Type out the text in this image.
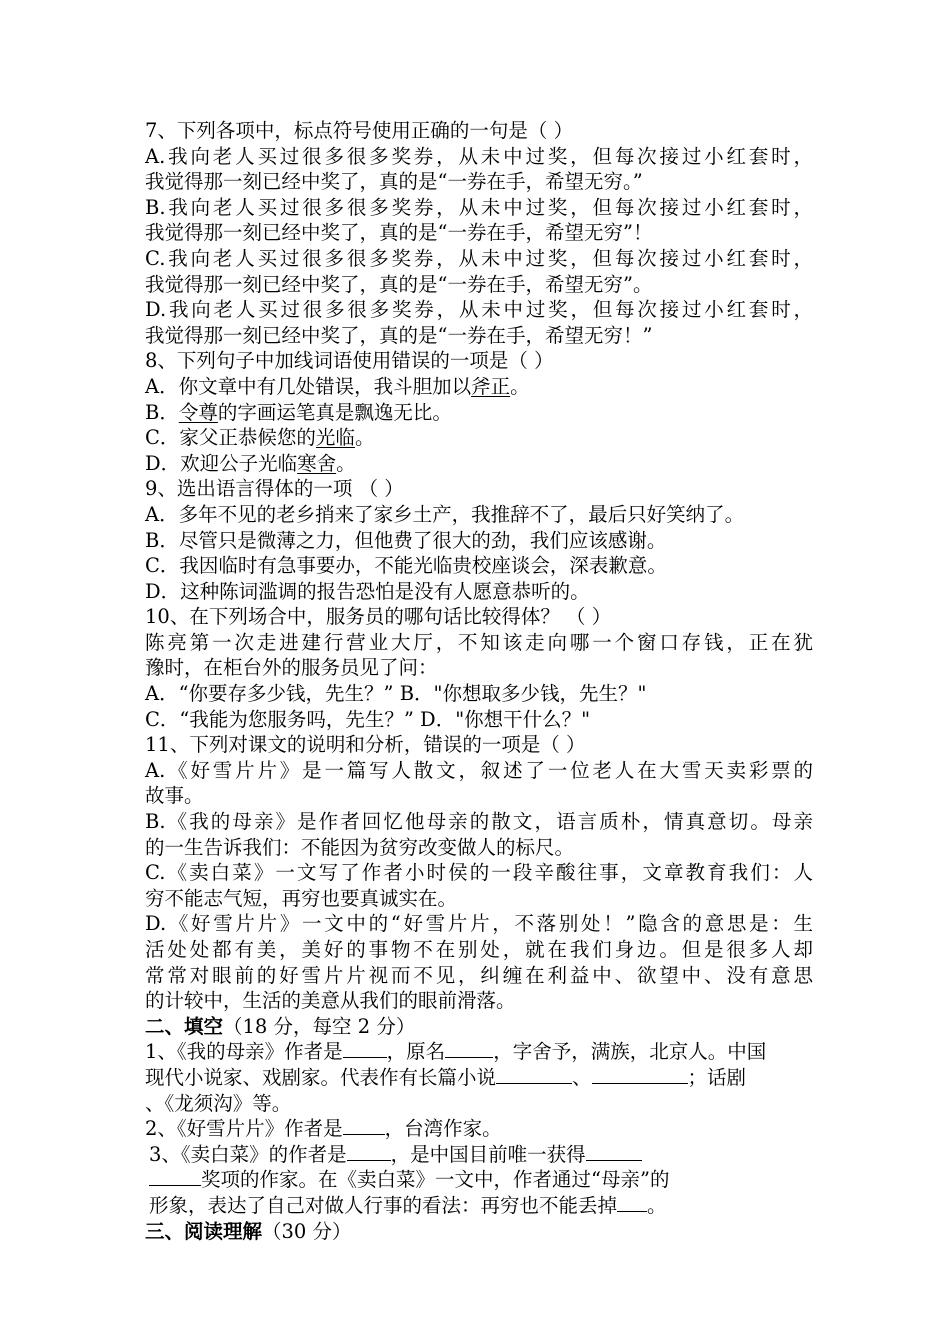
7、下列各项中，标点符号使用正确的一句是（ ）
A.我向老人买过很多很多奖券，从未中过奖，但每次接过小红套时，
我觉得那一刻已经中奖了，真的是“一券在手，希望无穷。”
B.我向老人买过很多很多奖券，从未中过奖，但每次接过小红套时，
我觉得那一刻已经中奖了，真的是“一券在手，希望无穷”！
C.我向老人买过很多很多奖券，从未中过奖，但每次接过小红套时，
我觉得那一刻已经中奖了，真的是“一券在手，希望无穷”。
D.我向老人买过很多很多奖券，从未中过奖，但每次接过小红套时，
我觉得那一刻已经中奖了，真的是“一券在手，希望无穷！”
8、下列句子中加线词语使用错误的一项是（ ）
A．你文章中有几处错误，我斗胆加以斧正。
B．令尊的字画运笔真是飘逸无比。
C．家父正恭候您的光临。
D．欢迎公子光临寒舍。
9、选出语言得体的一项 （ ）
A．多年不见的老乡捎来了家乡土产，我推辞不了，最后只好笑纳了。
B．尽管只是微薄之力，但他费了很大的劲，我们应该感谢。
C．我因临时有急事要办，不能光临贵校座谈会，深表歉意。
D．这种陈词滥调的报告恐怕是没有人愿意恭听的。
10、在下列场合中，服务员的哪句话比较得体？ （ ）
陈亮第一次走进建行营业大厅，不知该走向哪一个窗口存钱，正在犹
豫时，在柜台外的服务员见了问：
A．“你要存多少钱，先生？” B．"你想取多少钱，先生？"
C．“我能为您服务吗，先生？” D．"你想干什么？"
11、下列对课文的说明和分析，错误的一项是（ ）
A.《好雪片片》是一篇写人散文，叙述了一位老人在大雪天卖彩票的
故事。
B.《我的母亲》是作者回忆他母亲的散文，语言质朴，情真意切。母亲
的一生告诉我们：不能因为贫穷改变做人的标尺。
C.《卖白菜》一文写了作者小时侯的一段辛酸往事，文章教育我们：人
穷不能志气短，再穷也要真诚实在。
D.《好雪片片》一文中的“好雪片片，不落别处！”隐含的意思是：生
活处处都有美，美好的事物不在别处，就在我们身边。但是很多人却
常常对眼前的好雪片片视而不见，纠缠在利益中、欲望中、没有意思
的计较中，生活的美意从我们的眼前滑落。
二、填空（18 分，每空 2 分）
1、《我的母亲》作者是 ，原名 ，字舍予，满族，北京人。中国
现代小说家、戏剧家。代表作有长篇小说	、	；话剧
、《龙须沟》等。
2、《好雪片片》作者是 ，台湾作家。
3、《卖白菜》的作者是 ，是中国目前唯一获得
奖项的作家。在《卖白菜》一文中，作者通过“母亲”的
形象，表达了自己对做人行事的看法：再穷也不能丢掉 。
三、阅读理解（30 分）
